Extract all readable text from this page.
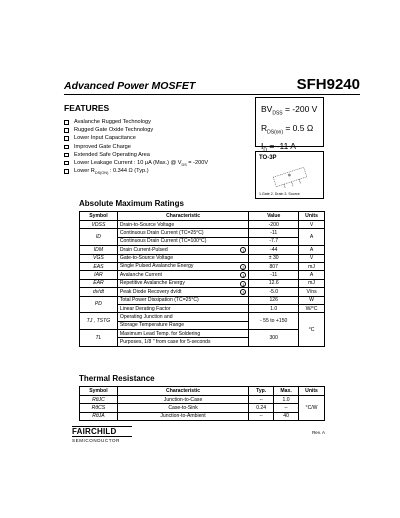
Advanced Power MOSFET	SFH9240
FEATURES
Avalanche Rugged Technology
Rugged Gate Oxide Technology
Lower Input Capacitance
Improved Gate Charge
Extended Safe Operating Area
Lower Leakage Current : 10 μA (Max.) @ $V_{DS} = -200V$
Lower $R_{DS(ON)}$ : 0.344 Ω (Typ.)
$BV_{DSS} = -200$ V
$R_{DS(on)} = 0.5$ Ω
$I_D = -11$ A
TO-3P
1.Gate 2. Drain 3. Source
Absolute Maximum Ratings
Symbol	Characteristic	Value	Units
VDSS	Drain-to-Source Voltage	-200	V
ID	Continuous Drain Current (TC=25°C)	-11	A
	Continuous Drain Current (TC=100°C)	-7.7	
IDM	Drain Current-Pulsed 1	-44	A
VGS	Gate-to-Source Voltage	± 30	V
EAS	Single Pulsed Avalanche Energy 2	807	mJ
IAR	Avalanche Current 1	-11	A
EAR	Repetitive Avalanche Energy 1	12.6	mJ
dv/dt	Peak Diode Recovery dv/dt 3	-5.0	V/ns
PD	Total Power Dissipation (TC=25°C)	126	W
	Linear Derating Factor	1.0	W/°C
TJ , TSTG	Operating Junction and	- 55 to +150	°C
	Storage Temperature Range		
TL	Maximum Lead Temp. for Soldering	300	
	Purposes, 1/8 " from case for 5-seconds		
Thermal Resistance
Symbol	Characteristic	Typ.	Max.	Units
RθJC	Junction-to-Case	--	1.0	°C/W
RθCS	Case-to-Sink	0.24	--	
RθJA	Junction-to-Ambient	--	40	
FAIRCHILD
SEMICONDUCTOR
Rev. A
